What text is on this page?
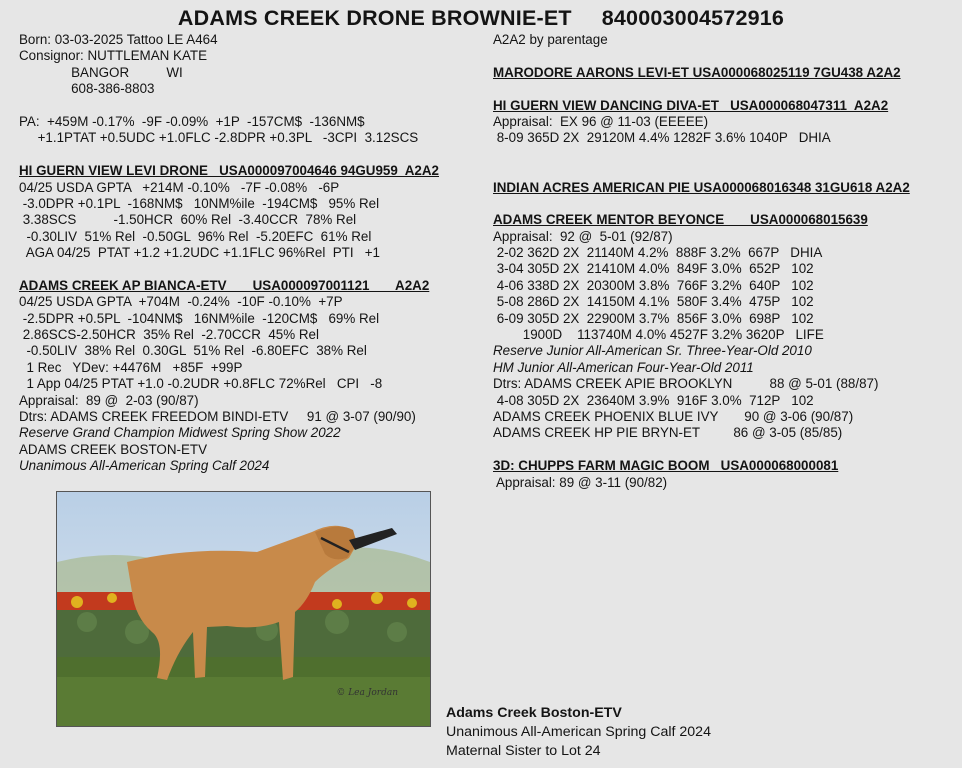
ADAMS CREEK DRONE BROWNIE-ET 840003004572916
Born: 03-03-2025 Tattoo LE A464
Consignor: NUTTLEMAN KATE
BANGOR          WI
608-386-8803
PA:  +459M -0.17%  -9F -0.09%  +1P  -157CM$  -136NM$
+1.1PTAT +0.5UDC +1.0FLC -2.8DPR +0.3PL   -3CPI  3.12SCS
HI GUERN VIEW LEVI DRONE   USA000097004646 94GU959  A2A2
04/25 USDA GPTA   +214M -0.10%   -7F -0.08%   -6P
-3.0DPR +0.1PL  -168NM$   10NM%ile  -194CM$   95% Rel
3.38SCS          -1.50HCR  60% Rel  -3.40CCR  78% Rel
-0.30LIV  51% Rel  -0.50GL  96% Rel  -5.20EFC  61% Rel
AGA 04/25  PTAT +1.2 +1.2UDC +1.1FLC 96%Rel  PTI   +1
ADAMS CREEK AP BIANCA-ETV       USA000097001121       A2A2
04/25 USDA GPTA  +704M  -0.24%  -10F -0.10%  +7P
-2.5DPR +0.5PL  -104NM$   16NM%ile  -120CM$   69% Rel
2.86SCS-2.50HCR  35% Rel  -2.70CCR  45% Rel
-0.50LIV  38% Rel  0.30GL  51% Rel  -6.80EFC  38% Rel
1 Rec   YDev: +4476M   +85F  +99P
1 App 04/25 PTAT +1.0 -0.2UDR +0.8FLC 72%Rel   CPI   -8
Appraisal:  89 @  2-03 (90/87)
Dtrs: ADAMS CREEK FREEDOM BINDI-ETV     91 @ 3-07 (90/90)
Reserve Grand Champion Midwest Spring Show 2022
ADAMS CREEK BOSTON-ETV
Unanimous All-American Spring Calf 2024
A2A2 by parentage
MARODORE AARONS LEVI-ET USA000068025119 7GU438 A2A2
HI GUERN VIEW DANCING DIVA-ET   USA000068047311  A2A2
Appraisal:  EX 96 @ 11-03 (EEEEE)
8-09 365D 2X  29120M 4.4% 1282F 3.6% 1040P   DHIA
INDIAN ACRES AMERICAN PIE USA000068016348 31GU618 A2A2
ADAMS CREEK MENTOR BEYONCE       USA000068015639
Appraisal:  92 @  5-01 (92/87)
2-02 362D 2X  21140M 4.2%  888F 3.2%  667P   DHIA
3-04 305D 2X  21410M 4.0%  849F 3.0%  652P   102
4-06 338D 2X  20300M 3.8%  766F 3.2%  640P   102
5-08 286D 2X  14150M 4.1%  580F 3.4%  475P   102
6-09 305D 2X  22900M 3.7%  856F 3.0%  698P   102
1900D    113740M 4.0% 4527F 3.2% 3620P   LIFE
Reserve Junior All-American Sr. Three-Year-Old 2010
HM Junior All-American Four-Year-Old 2011
Dtrs: ADAMS CREEK APIE BROOKLYN          88 @ 5-01 (88/87)
4-08 305D 2X  23640M 3.9%  916F 3.0%  712P   102
ADAMS CREEK PHOENIX BLUE IVY       90 @ 3-06 (90/87)
ADAMS CREEK HP PIE BRYN-ET         86 @ 3-05 (85/85)
3D: CHUPPS FARM MAGIC BOOM   USA000068000081
Appraisal: 89 @ 3-11 (90/82)
© Lea Jordan
Adams Creek Boston-ETV
Unanimous All-American Spring Calf 2024
Maternal Sister to Lot 24
